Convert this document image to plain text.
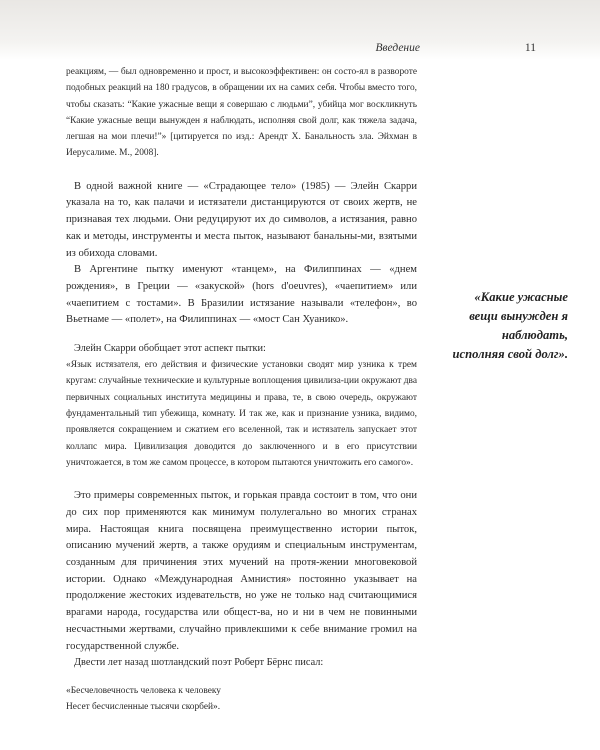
Введение	11

реакциям, — был одновременно и прост, и высокоэффективен: он состо-ял в развороте подобных реакций на 180 градусов, в обращении их на самих себя. Чтобы вместо того, чтобы сказать: “Какие ужасные вещи я совершаю с людьми”, убийца мог воскликнуть “Какие ужасные вещи вынужден я наблюдать, исполняя свой долг, как тяжела задача, легшая на мои плечи!”» [цитируется по изд.: Арендт Х. Банальность зла. Эйхман в Иерусалиме. М., 2008].

В одной важной книге — «Страдающее тело» (1985) — Элейн Скарри указала на то, как палачи и истязатели дистанцируются от своих жертв, не признавая тех людьми. Они редуцируют их до символов, а истязания, равно как и методы, инструменты и места пыток, называют банальны-ми, взятыми из обихода словами.

В Аргентине пытку именуют «танцем», на Филиппинах — «днем рождения», в Греции — «закуской» (hors d'oeuvres), «чаепитием» или «чаепитием с тостами». В Бразилии истязание называли «телефон», во Вьетнаме — «полет», на Филиппинах — «мост Сан Хуанико».

Элейн Скарри обобщает этот аспект пытки:

«Язык истязателя, его действия и физические установки сводят мир узника к трем кругам: случайные технические и культурные воплощения цивилиза-ции окружают два первичных социальных института медицины и права, те, в свою очередь, окружают фундаментальный тип убежища, комнату. И так же, как и признание узника, видимо, проявляется сокращением и сжатием его вселенной, так и истязатель запускает этот коллапс мира. Цивилизация доводится до заключенного и в его присутствии уничтожается, в том же самом процессе, в котором пытаются уничтожить его самого».

Это примеры современных пыток, и горькая правда состоит в том, что они до сих пор применяются как минимум полулегально во многих странах мира. Настоящая книга посвящена преимущественно истории пыток, описанию мучений жертв, а также орудиям и специальным инструментам, созданным для причинения этих мучений на протя-жении многовековой истории. Однако «Международная Амнистия» постоянно указывает на продолжение жестоких издевательств, но уже не только над считающимися врагами народа, государства или общест-ва, но и ни в чем не повинными несчастными жертвами, случайно привлекшими к себе внимание громил на государственной службе.

Двести лет назад шотландский поэт Роберт Бёрнс писал:

«Бесчеловечность человека к человеку

Несет бесчисленные тысячи скорбей».

«Какие ужасные вещи вынужден я наблюдать, исполняя свой долг».
